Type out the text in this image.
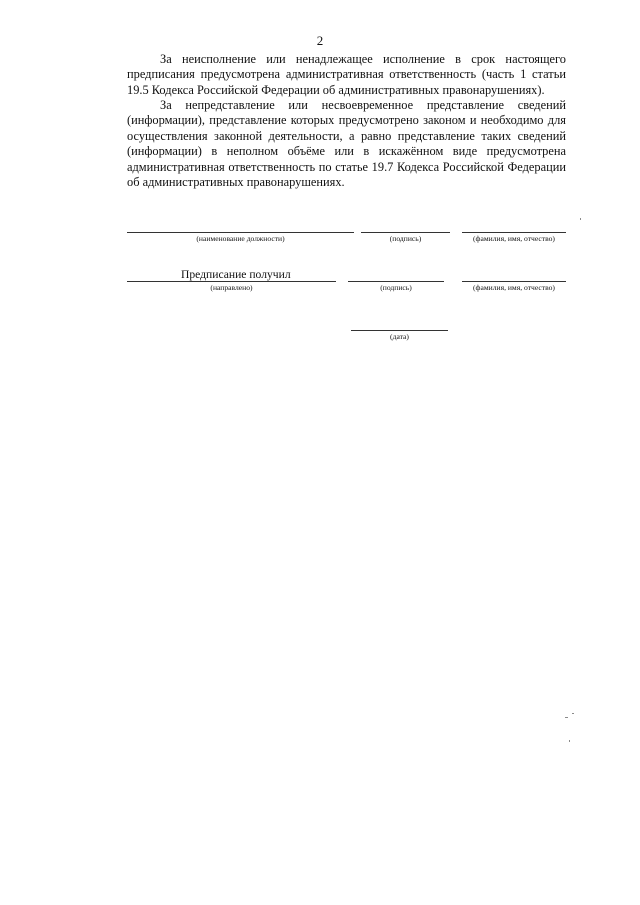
2

За неисполнение или ненадлежащее исполнение в срок настоящего предписания предусмотрена административная ответственность (часть 1 статьи 19.5 Кодекса Российской Федерации об административных правонарушениях).

За непредставление или несвоевременное представление сведений (информации), представление которых предусмотрено законом и необходимо для осуществления законной деятельности, а равно представление таких сведений (информации) в неполном объёме или в искажённом виде предусмотрена административная ответственность по статье 19.7 Кодекса Российской Федерации об административных правонарушениях.

(наименование должности)	(подпись)	(фамилия, имя, отчество)
Предписание получил
(направлено)	(подпись)	(фамилия, имя, отчество)
(дата)
